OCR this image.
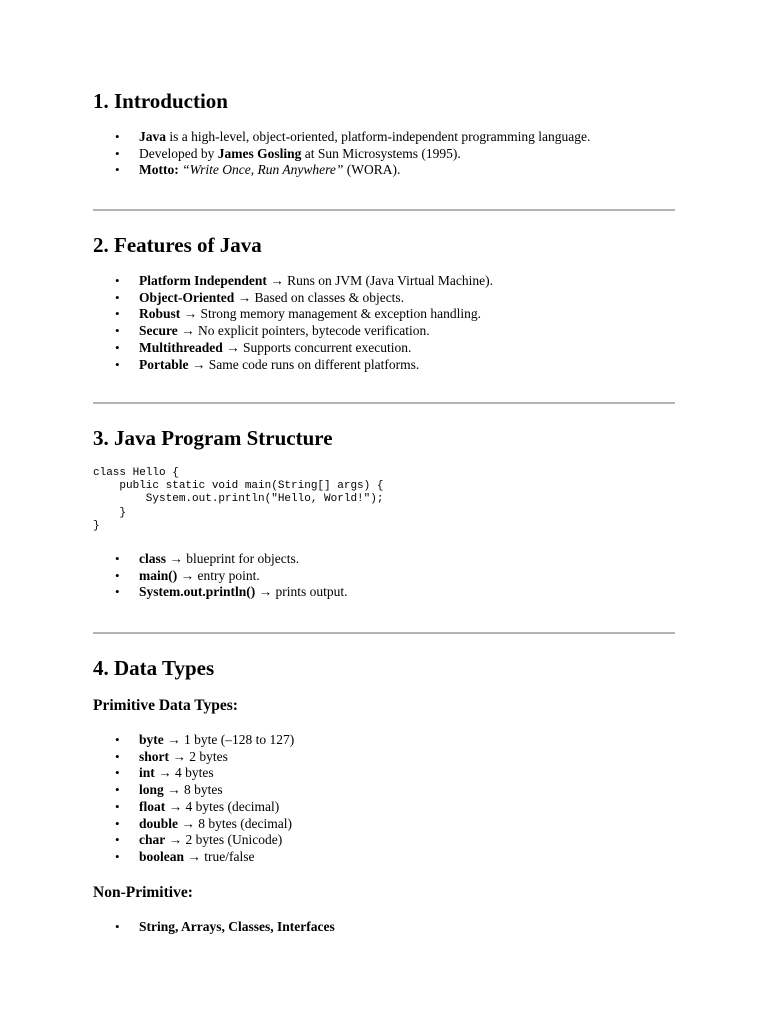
1. Introduction
• Java is a high-level, object-oriented, platform-independent programming language.
• Developed by James Gosling at Sun Microsystems (1995).
• Motto: “Write Once, Run Anywhere” (WORA).
2. Features of Java
• Platform Independent → Runs on JVM (Java Virtual Machine).
• Object-Oriented → Based on classes & objects.
• Robust → Strong memory management & exception handling.
• Secure → No explicit pointers, bytecode verification.
• Multithreaded → Supports concurrent execution.
• Portable → Same code runs on different platforms.
3. Java Program Structure
class Hello {
public static void main(String[] args) {
System.out.println("Hello, World!");
}
}
• class → blueprint for objects.
• main() → entry point.
• System.out.println() → prints output.
4. Data Types
Primitive Data Types:
• byte → 1 byte (–128 to 127)
• short → 2 bytes
• int → 4 bytes
• long → 8 bytes
• float → 4 bytes (decimal)
• double → 8 bytes (decimal)
• char → 2 bytes (Unicode)
• boolean → true/false
Non-Primitive:
• String, Arrays, Classes, Interfaces
